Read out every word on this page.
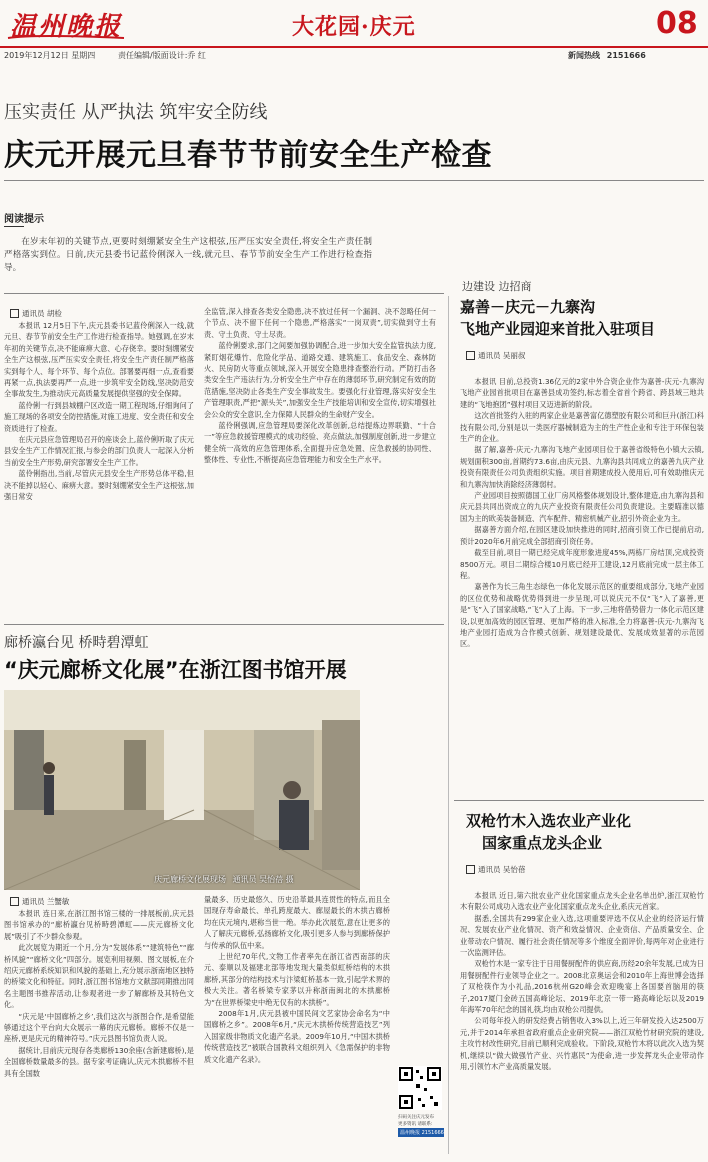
温州晚报	大花园·庆元	08
2019年12月12日 星期四	责任编辑/版面设计:乔 红	新闻热线 2151666
压实责任 从严执法 筑牢安全防线
庆元开展元旦春节节前安全生产检查
阅读提示

在岁末年初的关键节点,更要时刻绷紧安全生产这根弦,压严压实安全责任,将安全生产责任制严格落实到位。日前,庆元县委书记蓝伶俐深入一线,就元旦、春节节前安全生产工作进行检查指导。

通讯员 胡检

本报讯 12月5日下午,庆元县委书记蓝伶俐深入一线,就元旦、春节节前安全生产工作进行检查指导。她强调,在岁末年初的关键节点,决不能麻痹大意、心存侥幸。要时刻绷紧安全生产这根弦,压严压实安全责任,将安全生产责任制严格落实到每个人、每个环节、每个点位。部署要再细一点,查看要再紧一点,执法要再严一点,进一步筑牢安全防线,坚决防范安全事故发生,为推动庆元高质量发展提供坚强的安全保障。

蓝伶俐一行到县城棚户区改造一期工程现场,仔细询问了施工现场的各项安全防控措施,对施工进度、安全责任和安全资质进行了检查。

在庆元县应急管理局召开的座谈会上,蓝伶俐听取了庆元县安全生产工作情况汇报,与参会的部门负责人一起深入分析当前安全生产形势,研究部署安全生产工作。

蓝伶俐指出,当前,尽管庆元县安全生产形势总体平稳,但决不能掉以轻心、麻痹大意。要时刻绷紧安全生产这根弦,加强日常安

全监管,深入排查各类安全隐患,决不放过任何一个漏洞、决不忽略任何一个节点、决不留下任何一个隐患,严格落实“一岗双责”,切实做到守土有责、守土负责、守土尽责。

蓝伶俐要求,部门之间要加强协调配合,进一步加大安全监管执法力度,紧盯烟花爆竹、危险化学品、道路交通、建筑施工、食品安全、森林防火、民房防火等重点领域,深入开展安全隐患排查整治行动。严防打击各类安全生产违法行为,分析安全生产中存在的薄弱环节,研究制定有效的防范措施,坚决防止各类生产安全事故发生。要强化行业管理,落实好安全生产管理职责,严把“源头关”,加强安全生产技能培训和安全宣传,切实增强社会公众的安全意识,全力保障人民群众的生命财产安全。

蓝伶俐强调,应急管理局要深化改革创新,总结提炼边界联勤、“十合一”等应急救援管理模式的成功经验、亮点做法,加强制度创新,进一步建立健全统一高效的应急管理体系,全面提升应急处置、应急救援的协同性、整体性、专业性,不断提高应急管理能力和安全生产水平。

廊桥瀛台见 桥畤碧潭虹
“庆元廊桥文化展”在浙江图书馆开展
庆元廊桥文化展现场 通讯员 吴怡蓓 摄
通讯员 兰蟹敏

本报讯 连日来,在浙江图书馆三楼的一排展板前,庆元县图书馆承办的“廊桥瀛台见桥畤碧潭虹——庆元廊桥文化展”吸引了不少群众参观。

此次展览为期近一个月,分为“发展体系”“建筑特色”“廊桥风貌”“廊桥文化”四部分。展览利用视频、图文展板,在介绍庆元廊桥系统知识和风貌的基础上,充分展示浙南地区独特的桥梁文化和特征。同时,浙江图书馆地方文献部同期推出同名主题图书推荐活动,让参观者进一步了解廊桥及其特色文化。

“庆元是‘中国廊桥之乡’,我们这次与浙图合作,是希望能够通过这个平台向大众展示一幕的庆元廊桥。廊桥不仅是一座桥,更是庆元的精神符号。”庆元县图书馆负责人说。

据统计,目前庆元现存各类廊桥130余座(含新建廊桥),是全国廊桥数量最多的县。据专家考证确认,庆元木拱廊桥不但具有全国数

量最多、历史最悠久、历史沿革最具连贯性的特点,而且全国现存寿命最长、单孔跨度最大、廊屋最长的木拱古廊桥均在庆元境内,堪称当世一绝。举办此次展览,意在让更多的人了解庆元廊桥,弘扬廊桥文化,吸引更多人参与到廊桥保护与传承的队伍中来。

上世纪70年代,文物工作者率先在浙江省西南部的庆元、泰顺以及福建北部等地发现大量类似虹桥结构的木拱廊桥,其部分的结构技术与汴梁虹桥基本一致,引起学术界的极大关注。著名桥梁专家茅以升称浙南闽北的木拱廊桥为“在世界桥梁史中绝无仅有的木拱桥”。

2008年1月,庆元县被中国民间文艺家协会命名为“中国廊桥之乡”。2008年6月,“庆元木拱桥传统营造技艺”列入国家级非物质文化遗产名录。2009年10月,“中国木拱桥传统营造技艺”被联合国教科文组织列入《急需保护的非物质文化遗产名录》。

扫码关注庆元发布
更多资讯 请联系:
温州晚报 2151666
边建设 边招商
嘉善－庆元－九寨沟
飞地产业园迎来首批入驻项目
通讯员 吴丽叔

本报讯 目前,总投资1.36亿元的2家中外合资企业作为嘉善-庆元-九寨沟飞地产业园首批项目在嘉善县成功签约,标志着全省首个跨省、跨县域三地共建的“飞地抱团”强村项目又迈进新的阶段。

这次首批签约入驻的两家企业是嘉善富亿德塑胶有限公司和巨升(浙江)科技有限公司,分别是以一类医疗器械制造为主的生产性企业和专注于环保包装生产的企业。

据了解,嘉善-庆元-九寨沟飞地产业园项目位于嘉善省级特色小镇大云镇,规划面积300亩,首期约73.6亩,由庆元县、九寨沟县共同成立的嘉善九庆产业投资有限责任公司负责组织实施。项目首期建成投入使用后,可有效助推庆元和九寨沟加快消除经济薄弱村。

产业园项目按照德国工业厂房风格整体规划设计,整体建造,由九寨沟县和庆元县共同出资成立的九庆产业投资有限责任公司负责建设。主要瞄准以德国为主的欧美装备制造、汽车配件、精密机械产业,招引外资企业为主。

据嘉善方面介绍,在园区建设加快推进的同时,招商引资工作已提前启动,预计2020年6月前完成全部招商引资任务。

截至目前,项目一期已经完成年度形象进度45%,两栋厂房结顶,完成投资8500万元。项目二期综合楼10月底已经开工建设,12月底前完成一层主体工程。

嘉善作为长三角生态绿色一体化发展示范区的重要组成部分,飞地产业园的区位优势和战略优势得到进一步呈现,可以说庆元不仅“飞”入了嘉善,更是“飞”入了国家战略,“飞”入了上海。下一步,三地将借势借力一体化示范区建设,以更加高效的园区管理、更加严格的准入标准,全力将嘉善-庆元-九寨沟飞地产业园打造成为合作模式创新、规划建设最优、发展成效显著的示范园区。

双枪竹木入选农业产业化
国家重点龙头企业
通讯员 吴怡蓓

本报讯 近日,第六批农业产业化国家重点龙头企业名单出炉,浙江双枪竹木有限公司成功入选农业产业化国家重点龙头企业,系庆元首家。

据悉,全国共有299家企业入选,这项重要评选不仅从企业的经济运行情况、发展农业产业化情况、资产和效益情况、企业资信、产品质量安全、企业带动农户情况、履行社会责任情况等多个维度全面评价,每两年对企业进行一次监测评估。

双枪竹木是一家专注于日用餐厨配件的供应商,历经20余年发展,已成为日用餐厨配件行业领导企业之一。2008北京奥运会和2010年上海世博会选择了双枪筷作为小礼品,2016杭州G20峰会欢迎晚宴上各国要首脑用的筷子,2017厦门金砖五国高峰论坛、2019年北京一带一路高峰论坛以及2019年海军70年纪念的国礼筷,均由双枪公司提供。

公司每年投入的研发经费占销售收入3%以上,近三年研发投入达2500万元,并于2014年承担省政府重点企业研究院——浙江双枪竹材研究院的建设,主攻竹材改性研究,目前已顺利完成验收。下阶段,双枪竹木将以此次入选为契机,继续以“做大做强竹产业、兴竹惠民”为使命,进一步发挥龙头企业带动作用,引领竹木产业高质量发展。
